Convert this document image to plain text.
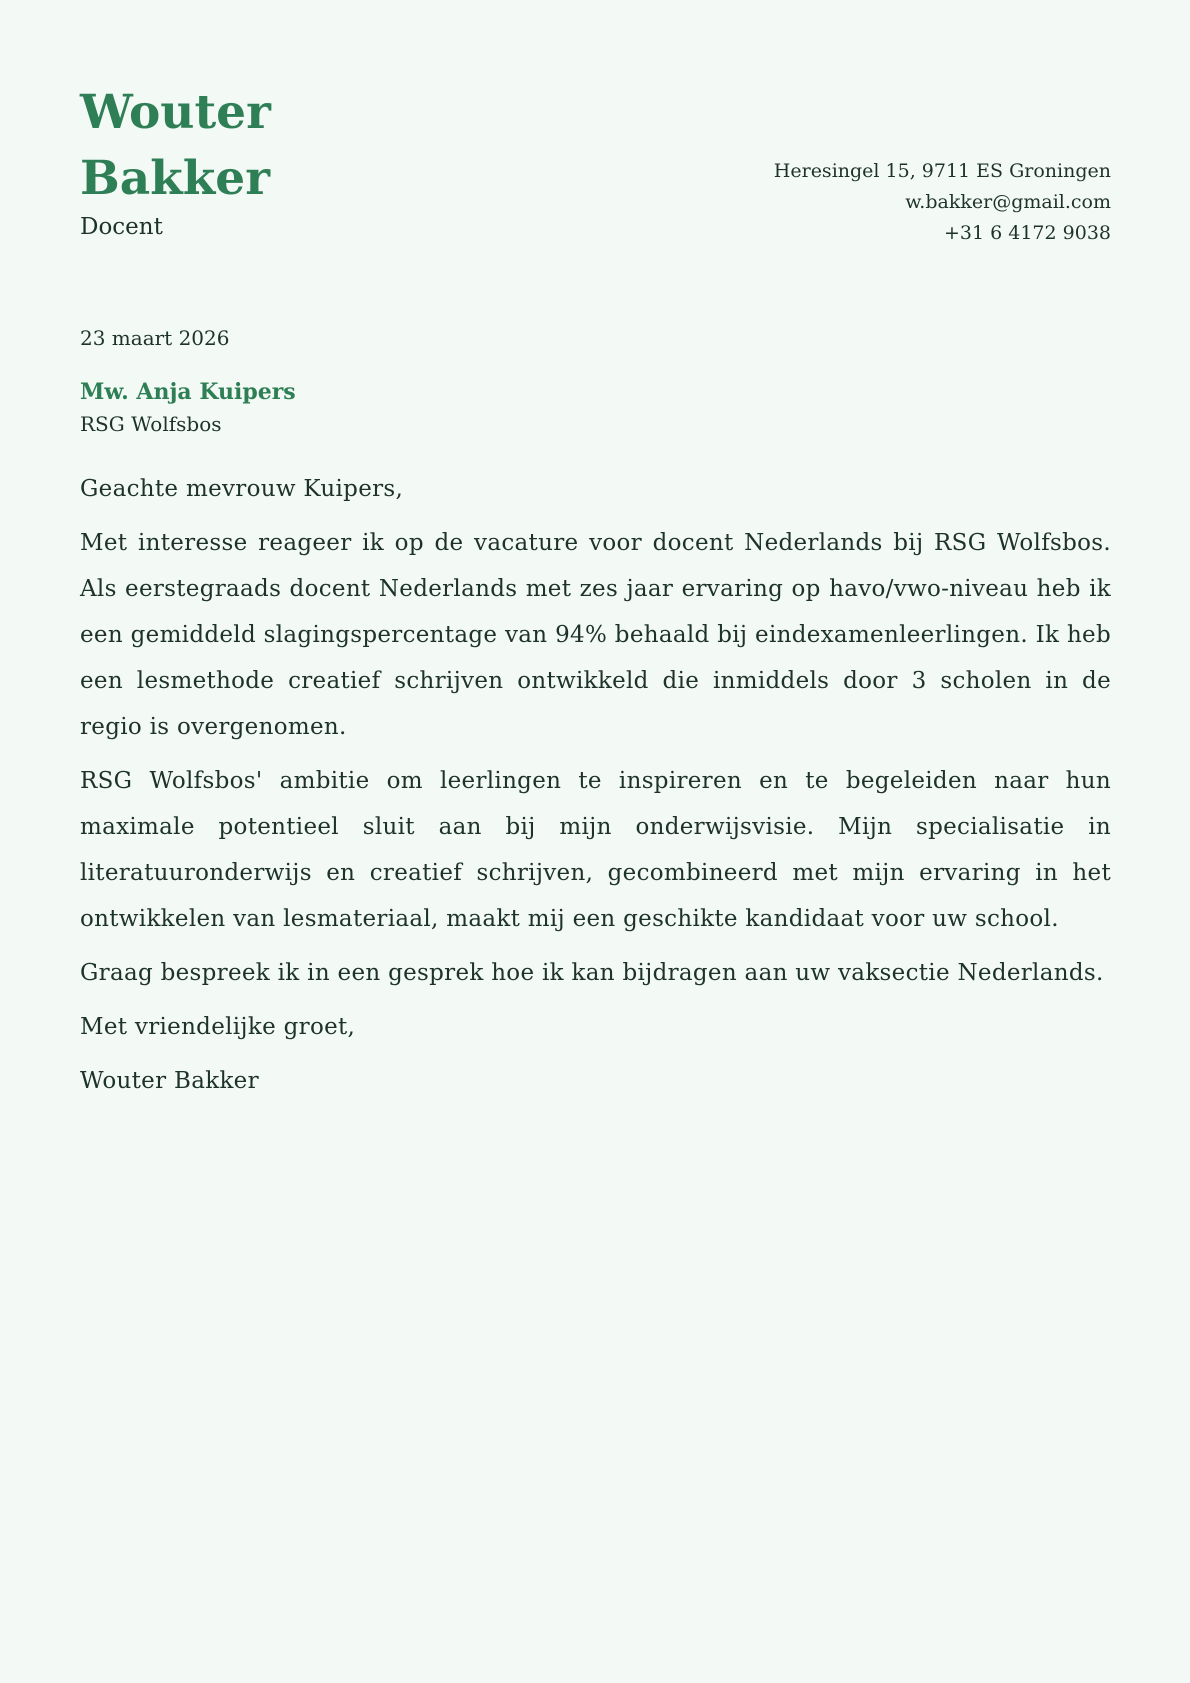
Wouter
Bakker
Docent
Heresingel 15, 9711 ES Groningen
w.bakker@gmail.com
+31 6 4172 9038
23 maart 2026
Mw. Anja Kuipers
RSG Wolfsbos

Geachte mevrouw Kuipers,

Met interesse reageer ik op de vacature voor docent Nederlands bij RSG Wolfsbos. Als eerstegraads docent Nederlands met zes jaar ervaring op havo/vwo-niveau heb ik een gemiddeld slagingspercentage van 94% behaald bij eindexamenleerlingen. Ik heb een lesmethode creatief schrijven ontwikkeld die inmiddels door 3 scholen in de regio is overgenomen.

RSG Wolfsbos' ambitie om leerlingen te inspireren en te begeleiden naar hun maximale potentieel sluit aan bij mijn onderwijsvisie. Mijn specialisatie in literatuuronderwijs en creatief schrijven, gecombineerd met mijn ervaring in het ontwikkelen van lesmateriaal, maakt mij een geschikte kandidaat voor uw school.

Graag bespreek ik in een gesprek hoe ik kan bijdragen aan uw vaksectie Nederlands.

Met vriendelijke groet,

Wouter Bakker
